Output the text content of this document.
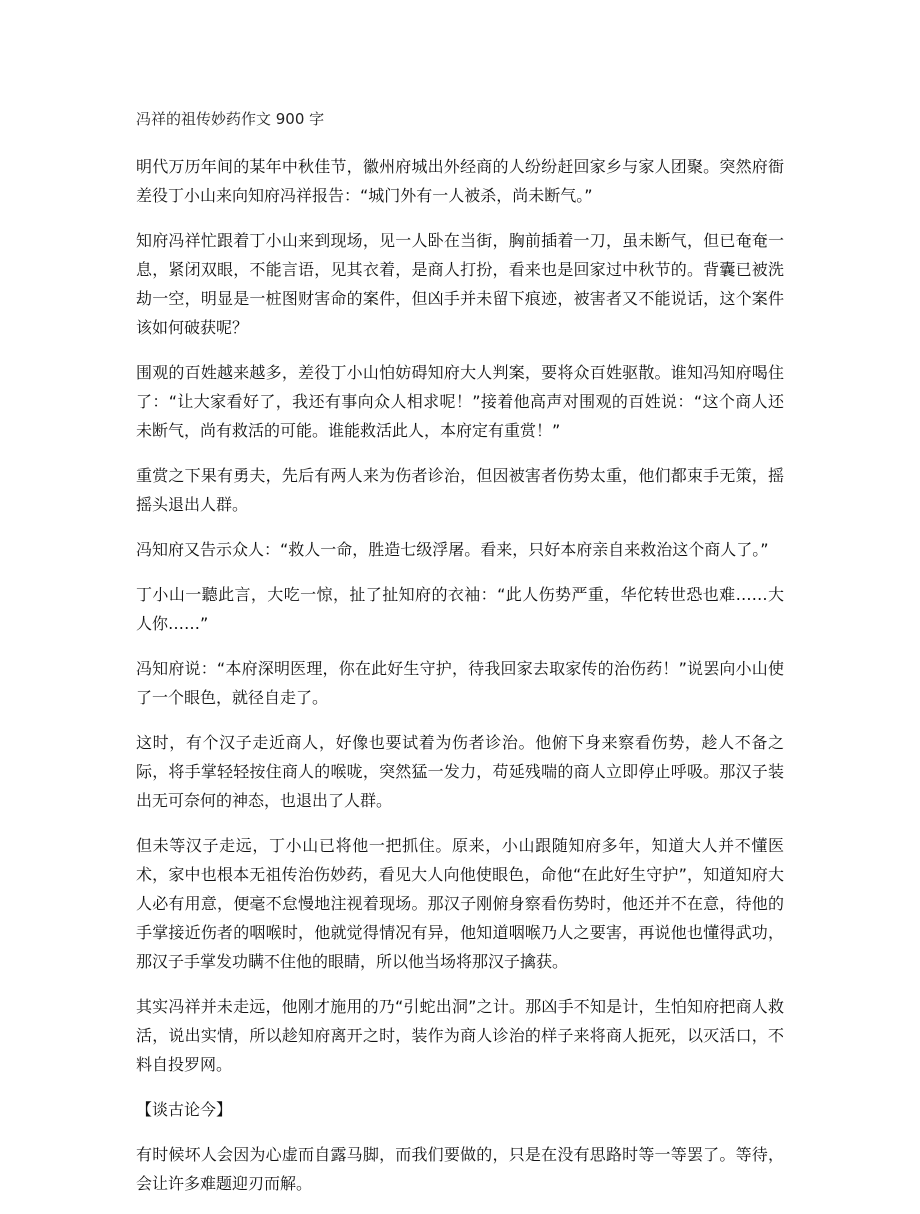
冯祥的祖传妙药作文 900 字

明代万历年间的某年中秋佳节，徽州府城出外经商的人纷纷赶回家乡与家人团聚。突然府衙差役丁小山来向知府冯祥报告：“城门外有一人被杀，尚未断气。”

知府冯祥忙跟着丁小山来到现场，见一人卧在当街，胸前插着一刀，虽未断气，但已奄奄一息，紧闭双眼，不能言语，见其衣着，是商人打扮，看来也是回家过中秋节的。背囊已被洗劫一空，明显是一桩图财害命的案件，但凶手并未留下痕迹，被害者又不能说话，这个案件该如何破获呢？

围观的百姓越来越多，差役丁小山怕妨碍知府大人判案，要将众百姓驱散。谁知冯知府喝住了：“让大家看好了，我还有事向众人相求呢！”接着他高声对围观的百姓说：“这个商人还未断气，尚有救活的可能。谁能救活此人，本府定有重赏！”

重赏之下果有勇夫，先后有两人来为伤者诊治，但因被害者伤势太重，他们都束手无策，摇摇头退出人群。

冯知府又告示众人：“救人一命，胜造七级浮屠。看来，只好本府亲自来救治这个商人了。”

丁小山一聽此言，大吃一惊，扯了扯知府的衣袖：“此人伤势严重，华佗转世恐也难……大人你……”

冯知府说：“本府深明医理，你在此好生守护，待我回家去取家传的治伤药！”说罢向小山使了一个眼色，就径自走了。

这时，有个汉子走近商人，好像也要试着为伤者诊治。他俯下身来察看伤势，趁人不备之际，将手掌轻轻按住商人的喉咙，突然猛一发力，苟延残喘的商人立即停止呼吸。那汉子装出无可奈何的神态，也退出了人群。

但未等汉子走远，丁小山已将他一把抓住。原来，小山跟随知府多年，知道大人并不懂医术，家中也根本无祖传治伤妙药，看见大人向他使眼色，命他“在此好生守护”，知道知府大人必有用意，便毫不怠慢地注视着现场。那汉子刚俯身察看伤势时，他还并不在意，待他的手掌接近伤者的咽喉时，他就觉得情况有异，他知道咽喉乃人之要害，再说他也懂得武功，那汉子手掌发功瞒不住他的眼睛，所以他当场将那汉子擒获。

其实冯祥并未走远，他刚才施用的乃“引蛇出洞”之计。那凶手不知是计，生怕知府把商人救活，说出实情，所以趁知府离开之时，装作为商人诊治的样子来将商人扼死，以灭活口，不料自投罗网。

【谈古论今】

有时候坏人会因为心虚而自露马脚，而我们要做的，只是在没有思路时等一等罢了。等待，会让许多难题迎刃而解。
